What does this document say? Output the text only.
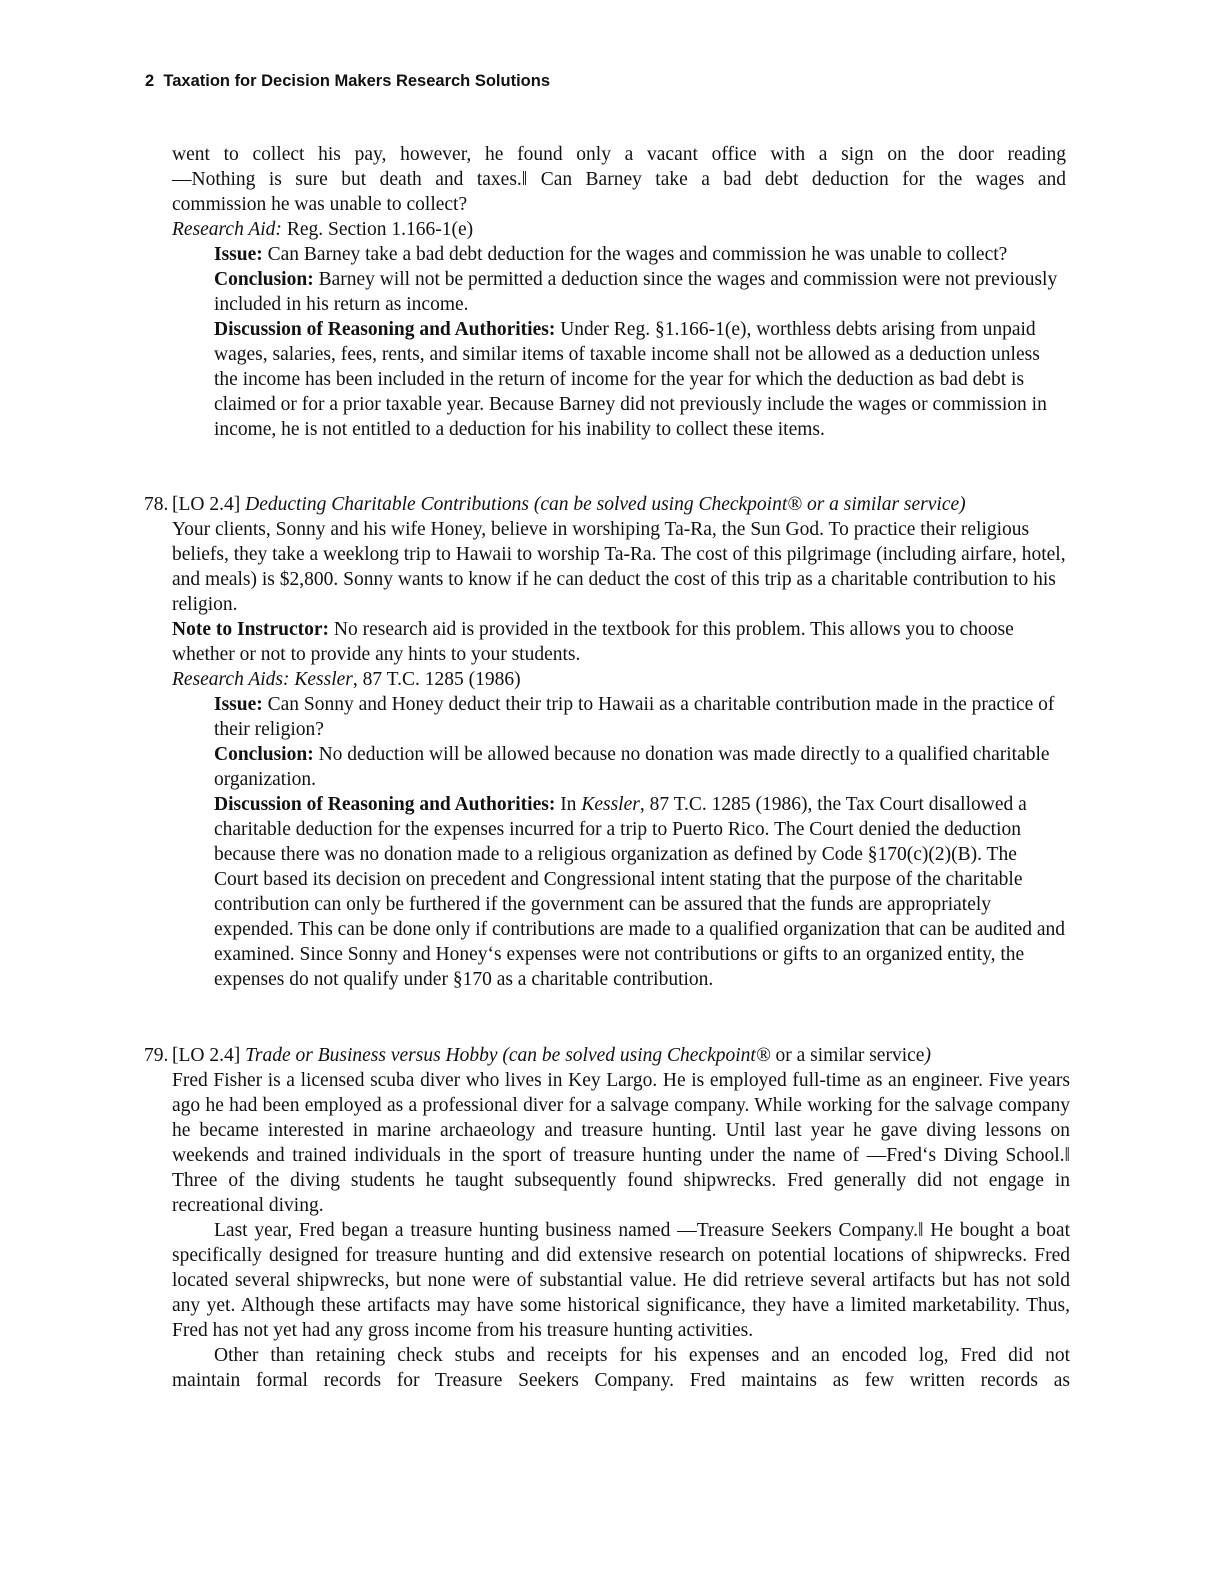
2 Taxation for Decision Makers Research Solutions

went to collect his pay, however, he found only a vacant office with a sign on the door reading

—Nothing is sure but death and taxes.‖ Can Barney take a bad debt deduction for the wages and

commission he was unable to collect?

Research Aid: Reg. Section 1.166-1(e)

Issue: Can Barney take a bad debt deduction for the wages and commission he was unable to collect? Conclusion: Barney will not be permitted a deduction since the wages and commission were not previously included in his return as income.

Discussion of Reasoning and Authorities: Under Reg. §1.166-1(e), worthless debts arising from unpaid wages, salaries, fees, rents, and similar items of taxable income shall not be allowed as a deduction unless the income has been included in the return of income for the year for which the deduction as bad debt is claimed or for a prior taxable year. Because Barney did not previously include the wages or commission in income, he is not entitled to a deduction for his inability to collect these items.

78. [LO 2.4] Deducting Charitable Contributions (can be solved using Checkpoint® or a similar service)

Your clients, Sonny and his wife Honey, believe in worshiping Ta-Ra, the Sun God. To practice their religious beliefs, they take a weeklong trip to Hawaii to worship Ta-Ra. The cost of this pilgrimage (including airfare, hotel, and meals) is $2,800. Sonny wants to know if he can deduct the cost of this trip as a charitable contribution to his religion.

Note to Instructor: No research aid is provided in the textbook for this problem. This allows you to choose whether or not to provide any hints to your students.

Research Aids: Kessler, 87 T.C. 1285 (1986)

Issue: Can Sonny and Honey deduct their trip to Hawaii as a charitable contribution made in the practice of their religion?

Conclusion: No deduction will be allowed because no donation was made directly to a qualified charitable organization.

Discussion of Reasoning and Authorities: In Kessler, 87 T.C. 1285 (1986), the Tax Court disallowed a charitable deduction for the expenses incurred for a trip to Puerto Rico. The Court denied the deduction because there was no donation made to a religious organization as defined by Code §170(c)(2)(B). The Court based its decision on precedent and Congressional intent stating that the purpose of the charitable contribution can only be furthered if the government can be assured that the funds are appropriately expended. This can be done only if contributions are made to a qualified organization that can be audited and examined. Since Sonny and Honey‘s expenses were not contributions or gifts to an organized entity, the expenses do not qualify under §170 as a charitable contribution.

79. [LO 2.4] Trade or Business versus Hobby (can be solved using Checkpoint® or a similar service)

Fred Fisher is a licensed scuba diver who lives in Key Largo. He is employed full-time as an engineer. Five years ago he had been employed as a professional diver for a salvage company. While working for the salvage company he became interested in marine archaeology and treasure hunting. Until last year he gave diving lessons on weekends and trained individuals in the sport of treasure hunting under the name of —Fred‘s Diving School.‖ Three of the diving students he taught subsequently found shipwrecks. Fred generally did not engage in recreational diving.

Last year, Fred began a treasure hunting business named —Treasure Seekers Company.‖ He bought a boat specifically designed for treasure hunting and did extensive research on potential locations of shipwrecks. Fred located several shipwrecks, but none were of substantial value. He did retrieve several artifacts but has not sold any yet. Although these artifacts may have some historical significance, they have a limited marketability. Thus, Fred has not yet had any gross income from his treasure hunting activities.

Other than retaining check stubs and receipts for his expenses and an encoded log, Fred did not

maintain formal records for Treasure Seekers Company. Fred maintains as few written records as
